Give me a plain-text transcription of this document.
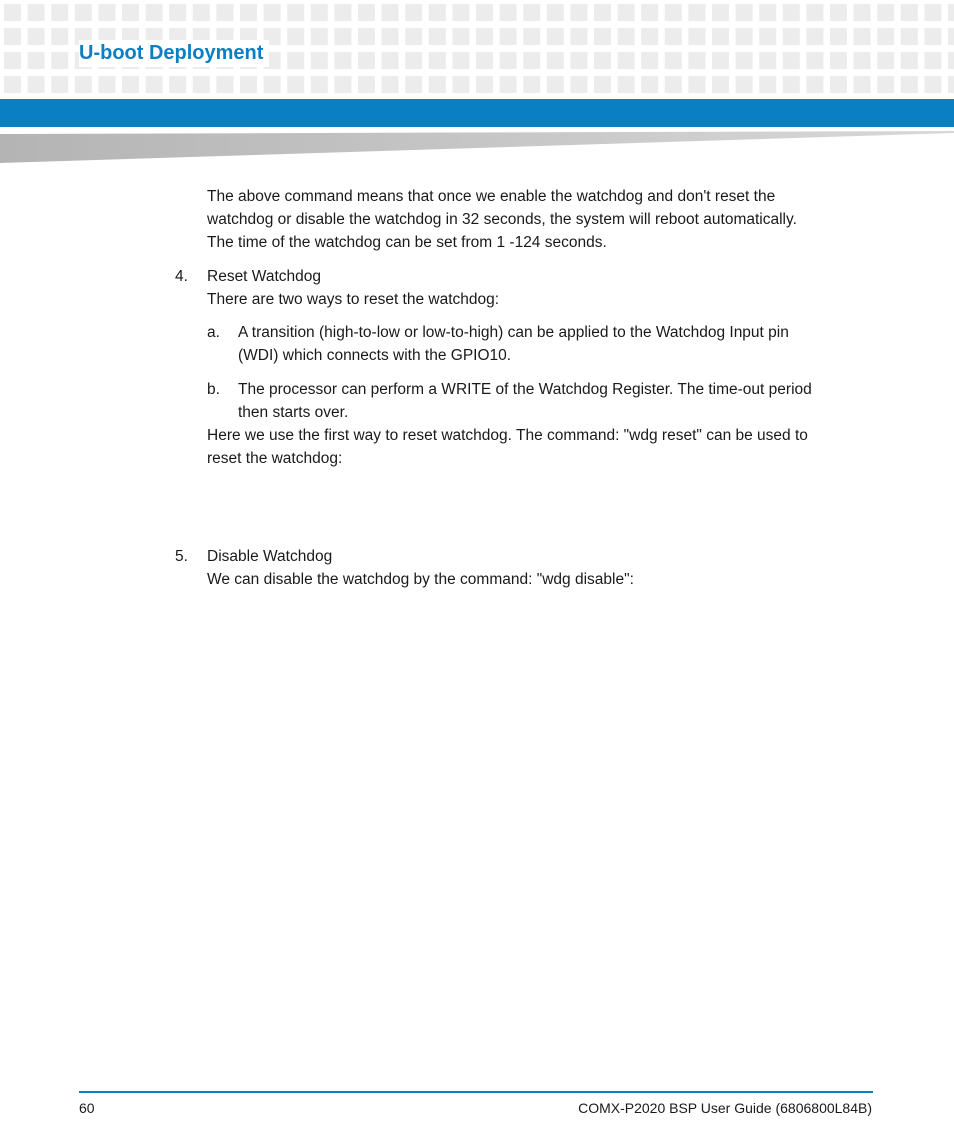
U-boot Deployment

The above command means that once we enable the watchdog and don't reset the

watchdog or disable the watchdog in 32 seconds, the system will reboot automatically.

The time of the watchdog can be set from 1 -124 seconds.

4. Reset Watchdog

There are two ways to reset the watchdog:

a. A transition (high-to-low or low-to-high) can be applied to the Watchdog Input pin

(WDI) which connects with the GPIO10.

b. The processor can perform a WRITE of the Watchdog Register. The time-out period

then starts over.

Here we use the first way to reset watchdog. The command: "wdg reset" can be used to

reset the watchdog:

5. Disable Watchdog

We can disable the watchdog by the command: "wdg disable":

60	COMX-P2020 BSP User Guide (6806800L84B)
